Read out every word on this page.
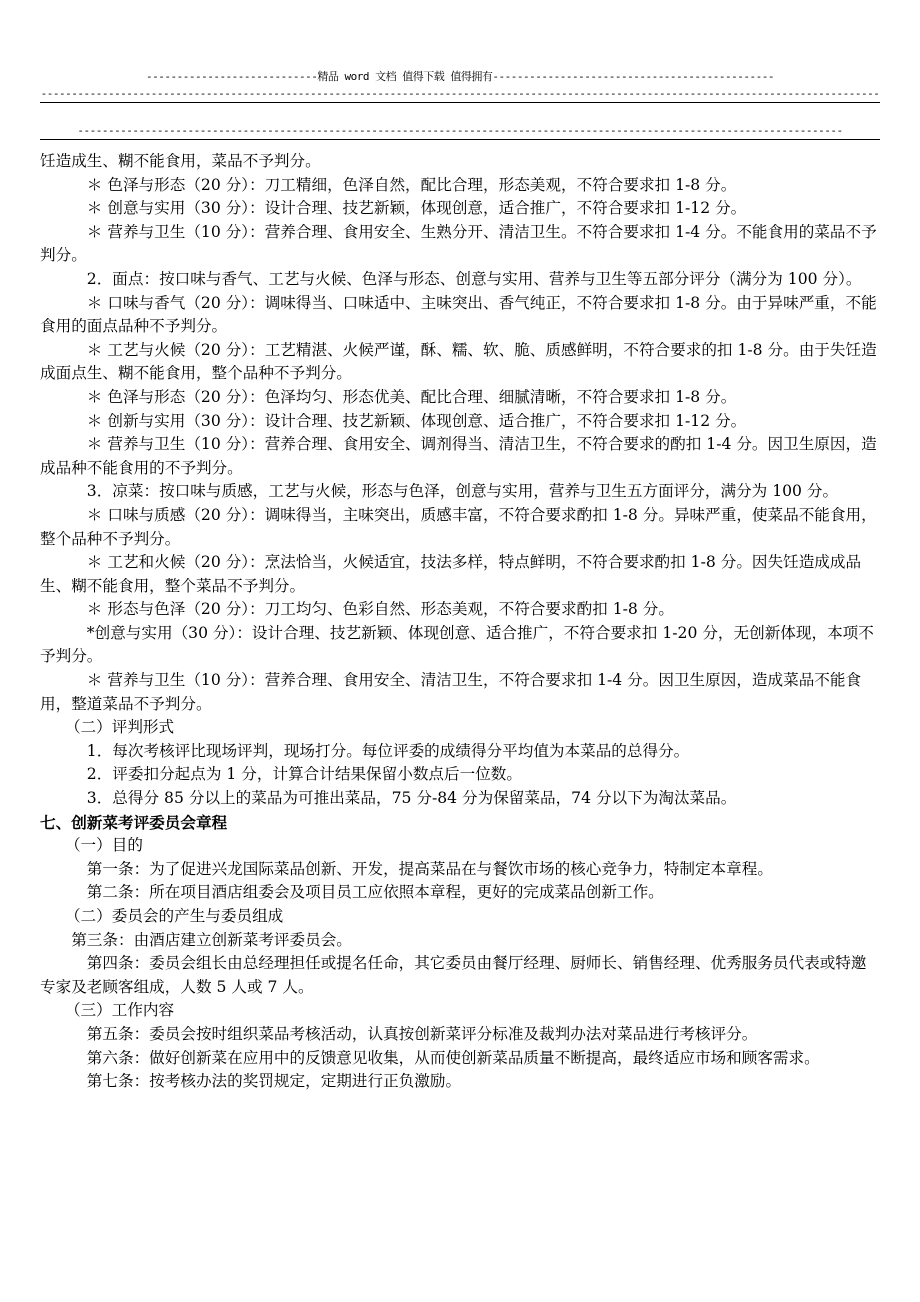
----------------------------精品 word 文档 值得下载 值得拥有----------------------------------------------
-----------------------------------------------------------------------------------------------------------------------------------------
-----------------------------------------------------------------------------------------------------------------------------

饪造成生、糊不能食用，菜品不予判分。

＊ 色泽与形态（20 分）：刀工精细，色泽自然，配比合理，形态美观，不符合要求扣 1-8 分。

＊ 创意与实用（30 分）：设计合理、技艺新颖，体现创意，适合推广，不符合要求扣 1-12 分。

＊ 营养与卫生（10 分）：营养合理、食用安全、生熟分开、清洁卫生。不符合要求扣 1-4 分。不能食用的菜品不予判分。

2．面点：按口味与香气、工艺与火候、色泽与形态、创意与实用、营养与卫生等五部分评分（满分为 100 分）。

＊ 口味与香气（20 分）：调味得当、口味适中、主味突出、香气纯正，不符合要求扣 1-8 分。由于异味严重，不能食用的面点品种不予判分。

＊ 工艺与火候（20 分）：工艺精湛、火候严谨，酥、糯、软、脆、质感鲜明，不符合要求的扣 1-8 分。由于失饪造成面点生、糊不能食用，整个品种不予判分。

＊ 色泽与形态（20 分）：色泽均匀、形态优美、配比合理、细腻清晰，不符合要求扣 1-8 分。

＊ 创新与实用（30 分）：设计合理、技艺新颖、体现创意、适合推广，不符合要求扣 1-12 分。

＊ 营养与卫生（10 分）：营养合理、食用安全、调剂得当、清洁卫生，不符合要求的酌扣 1-4 分。因卫生原因，造成品种不能食用的不予判分。

3．凉菜：按口味与质感，工艺与火候，形态与色泽，创意与实用，营养与卫生五方面评分，满分为 100 分。

＊ 口味与质感（20 分）：调味得当，主味突出，质感丰富，不符合要求酌扣 1-8 分。异味严重，使菜品不能食用，整个品种不予判分。

＊ 工艺和火候（20 分）：烹法恰当，火候适宜，技法多样，特点鲜明，不符合要求酌扣 1-8 分。因失饪造成成品生、糊不能食用，整个菜品不予判分。

＊ 形态与色泽（20 分）：刀工均匀、色彩自然、形态美观，不符合要求酌扣 1-8 分。

*创意与实用（30 分）：设计合理、技艺新颖、体现创意、适合推广，不符合要求扣 1-20 分，无创新体现，本项不予判分。

＊ 营养与卫生（10 分）：营养合理、食用安全、清洁卫生，不符合要求扣 1-4 分。因卫生原因，造成菜品不能食用，整道菜品不予判分。

（二）评判形式

1．每次考核评比现场评判，现场打分。每位评委的成绩得分平均值为本菜品的总得分。

2．评委扣分起点为 1 分，计算合计结果保留小数点后一位数。

3．总得分 85 分以上的菜品为可推出菜品，75 分-84 分为保留菜品，74 分以下为淘汰菜品。

七、创新菜考评委员会章程

（一）目的

第一条：为了促进兴龙国际菜品创新、开发，提高菜品在与餐饮市场的核心竞争力，特制定本章程。

第二条：所在项目酒店组委会及项目员工应依照本章程，更好的完成菜品创新工作。

（二）委员会的产生与委员组成

第三条：由酒店建立创新菜考评委员会。

第四条：委员会组长由总经理担任或提名任命，其它委员由餐厅经理、厨师长、销售经理、优秀服务员代表或特邀专家及老顾客组成，人数 5 人或 7 人。

（三）工作内容

第五条：委员会按时组织菜品考核活动，认真按创新菜评分标准及裁判办法对菜品进行考核评分。

第六条：做好创新菜在应用中的反馈意见收集，从而使创新菜品质量不断提高，最终适应市场和顾客需求。

第七条：按考核办法的奖罚规定，定期进行正负激励。
